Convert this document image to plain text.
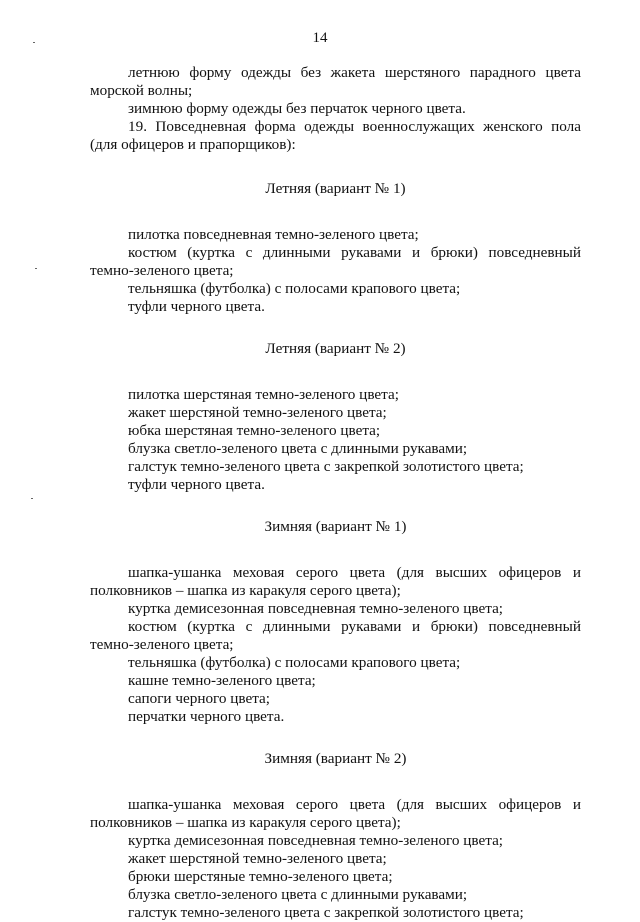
14

летнюю форму одежды без жакета шерстяного парадного цвета морской волны;

зимнюю форму одежды без перчаток черного цвета.

19. Повседневная форма одежды военнослужащих женского пола (для офицеров и прапорщиков):

Летняя (вариант № 1)

пилотка повседневная темно-зеленого цвета;

костюм (куртка с длинными рукавами и брюки) повседневный темно-зеленого цвета;

тельняшка (футболка) с полосами крапового цвета;

туфли черного цвета.

Летняя (вариант № 2)

пилотка шерстяная темно-зеленого цвета;

жакет шерстяной темно-зеленого цвета;

юбка шерстяная темно-зеленого цвета;

блузка светло-зеленого цвета с длинными рукавами;

галстук темно-зеленого цвета с закрепкой золотистого цвета;

туфли черного цвета.

Зимняя (вариант № 1)

шапка-ушанка меховая серого цвета (для высших офицеров и полковников – шапка из каракуля серого цвета);

куртка демисезонная повседневная темно-зеленого цвета;

костюм (куртка с длинными рукавами и брюки) повседневный темно-зеленого цвета;

тельняшка (футболка) с полосами крапового цвета;

кашне темно-зеленого цвета;

сапоги черного цвета;

перчатки черного цвета.

Зимняя (вариант № 2)

шапка-ушанка меховая серого цвета (для высших офицеров и полковников – шапка из каракуля серого цвета);

куртка демисезонная повседневная темно-зеленого цвета;

жакет шерстяной темно-зеленого цвета;

брюки шерстяные темно-зеленого цвета;

блузка светло-зеленого цвета с длинными рукавами;

галстук темно-зеленого цвета с закрепкой золотистого цвета;
